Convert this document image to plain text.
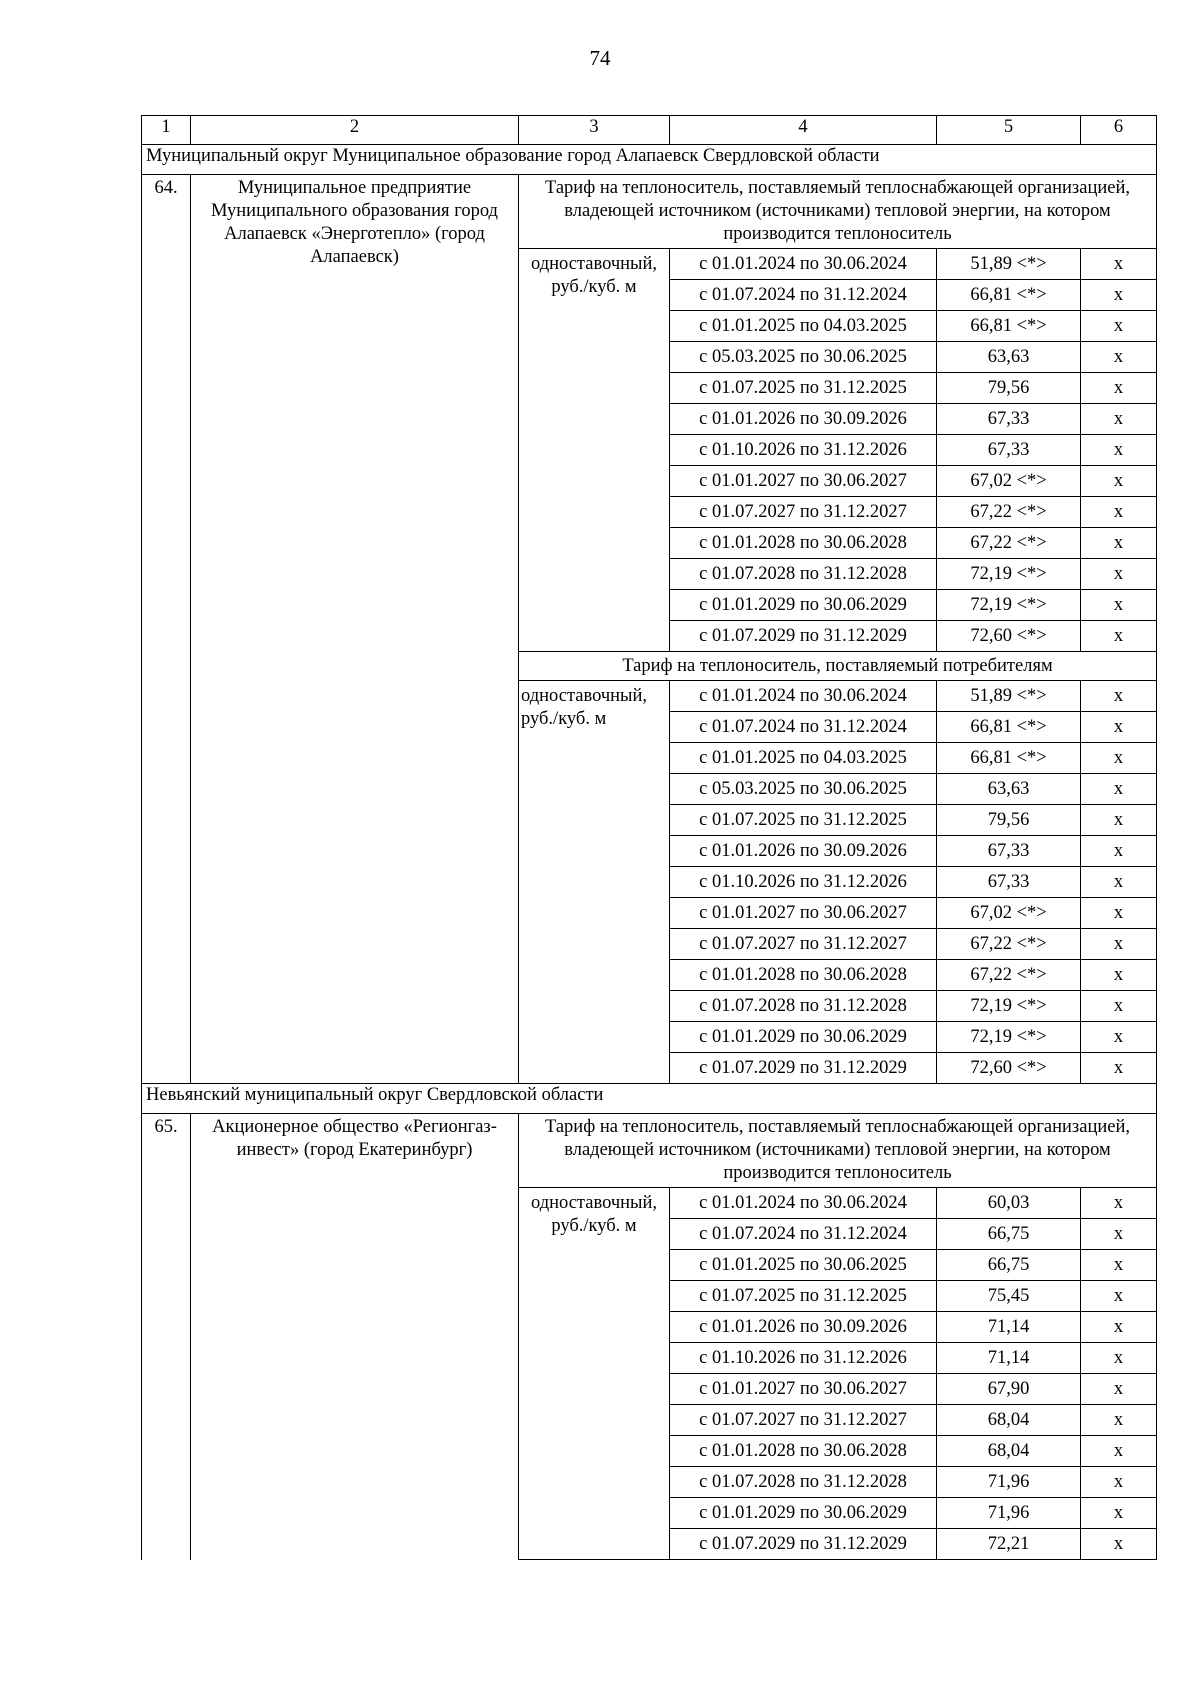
74
1	2	3	4	5	6
Муниципальный округ Муниципальное образование город Алапаевск Свердловской области					
64.	Муниципальное предприятие Муниципального образования город Алапаевск «Энерготепло» (город Алапаевск)	Тариф на теплоноситель, поставляемый теплоснабжающей организацией, владеющей источником (источниками) тепловой энергии, на котором производится теплоноситель			
		одноставочный, руб./куб. м	с 01.01.2024 по 30.06.2024	51,89 <*>	x
			с 01.07.2024 по 31.12.2024	66,81 <*>	x
			с 01.01.2025 по 04.03.2025	66,81 <*>	x
			с 05.03.2025 по 30.06.2025	63,63	x
			с 01.07.2025 по 31.12.2025	79,56	x
			с 01.01.2026 по 30.09.2026	67,33	x
			с 01.10.2026 по 31.12.2026	67,33	x
			с 01.01.2027 по 30.06.2027	67,02 <*>	x
			с 01.07.2027 по 31.12.2027	67,22 <*>	x
			с 01.01.2028 по 30.06.2028	67,22 <*>	x
			с 01.07.2028 по 31.12.2028	72,19 <*>	x
			с 01.01.2029 по 30.06.2029	72,19 <*>	x
			с 01.07.2029 по 31.12.2029	72,60 <*>	x
		Тариф на теплоноситель, поставляемый потребителям			
		одноставочный, руб./куб. м	с 01.01.2024 по 30.06.2024	51,89 <*>	x
			с 01.07.2024 по 31.12.2024	66,81 <*>	x
			с 01.01.2025 по 04.03.2025	66,81 <*>	x
			с 05.03.2025 по 30.06.2025	63,63	x
			с 01.07.2025 по 31.12.2025	79,56	x
			с 01.01.2026 по 30.09.2026	67,33	x
			с 01.10.2026 по 31.12.2026	67,33	x
			с 01.01.2027 по 30.06.2027	67,02 <*>	x
			с 01.07.2027 по 31.12.2027	67,22 <*>	x
			с 01.01.2028 по 30.06.2028	67,22 <*>	x
			с 01.07.2028 по 31.12.2028	72,19 <*>	x
			с 01.01.2029 по 30.06.2029	72,19 <*>	x
			с 01.07.2029 по 31.12.2029	72,60 <*>	x
Невьянский муниципальный округ Свердловской области					
65.	Акционерное общество «Регионгаз-инвест» (город Екатеринбург)	Тариф на теплоноситель, поставляемый теплоснабжающей организацией, владеющей источником (источниками) тепловой энергии, на котором производится теплоноситель			
		одноставочный, руб./куб. м	с 01.01.2024 по 30.06.2024	60,03	x
			с 01.07.2024 по 31.12.2024	66,75	x
			с 01.01.2025 по 30.06.2025	66,75	x
			с 01.07.2025 по 31.12.2025	75,45	x
			с 01.01.2026 по 30.09.2026	71,14	x
			с 01.10.2026 по 31.12.2026	71,14	x
			с 01.01.2027 по 30.06.2027	67,90	x
			с 01.07.2027 по 31.12.2027	68,04	x
			с 01.01.2028 по 30.06.2028	68,04	x
			с 01.07.2028 по 31.12.2028	71,96	x
			с 01.01.2029 по 30.06.2029	71,96	x
			с 01.07.2029 по 31.12.2029	72,21	x
